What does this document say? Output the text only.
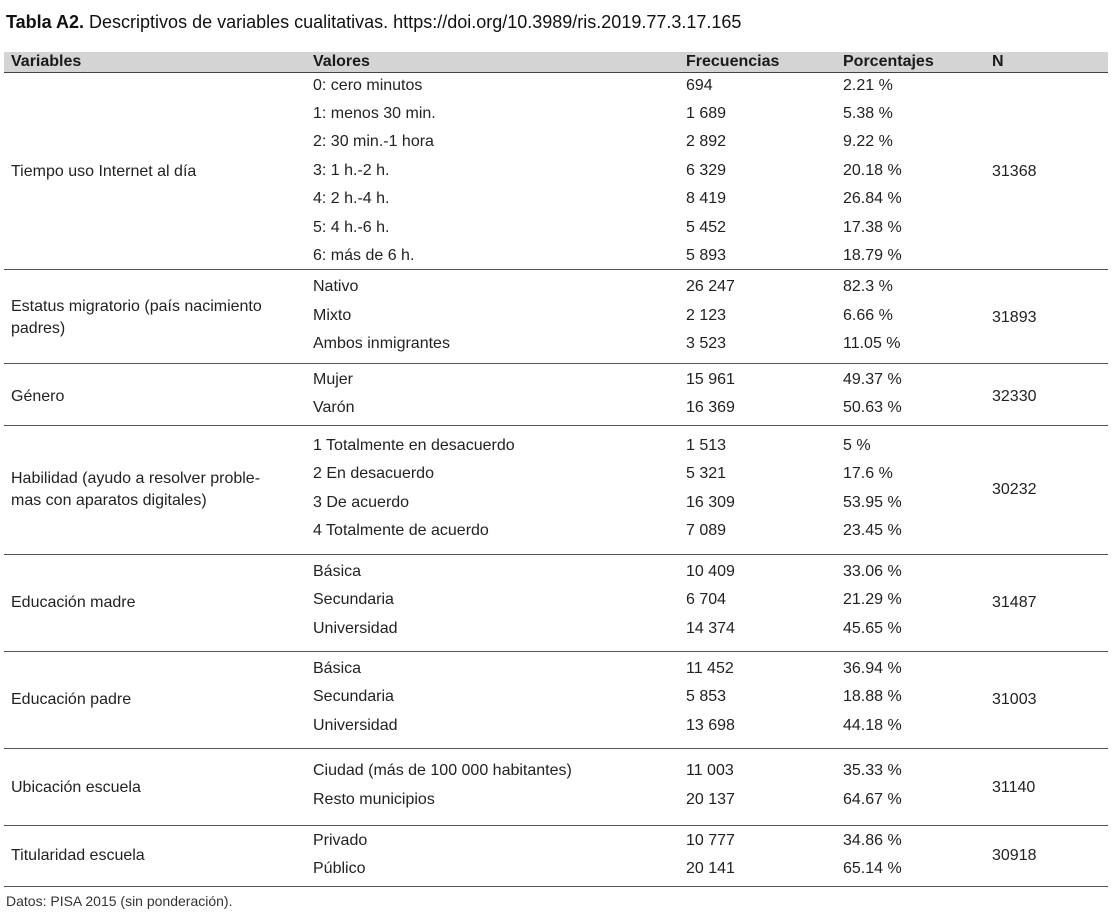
Tabla A2. Descriptivos de variables cualitativas. https://doi.org/10.3989/ris.2019.77.3.17.165
Variables	Valores	Frecuencias	Porcentajes	N
Tiempo uso Internet al día
0: cero minutos	694	2.21 %
1: menos 30 min.	1 689	5.38 %
2: 30 min.-1 hora	2 892	9.22 %
3: 1 h.-2 h.	6 329	20.18 %
4: 2 h.-4 h.	8 419	26.84 %
5: 4 h.-6 h.	5 452	17.38 %
6: más de 6 h.	5 893	18.79 %
31368
Estatus migratorio (país nacimiento
padres)
Nativo	26 247	82.3 %
Mixto	2 123	6.66 %
Ambos inmigrantes	3 523	11.05 %
31893
Género
Mujer	15 961	49.37 %
Varón	16 369	50.63 %
32330
Habilidad (ayudo a resolver proble-
mas con aparatos digitales)
1 Totalmente en desacuerdo	1 513	5 %
2 En desacuerdo	5 321	17.6 %
3 De acuerdo	16 309	53.95 %
4 Totalmente de acuerdo	7 089	23.45 %
30232
Educación madre
Básica	10 409	33.06 %
Secundaria	6 704	21.29 %
Universidad	14 374	45.65 %
31487
Educación padre
Básica	11 452	36.94 %
Secundaria	5 853	18.88 %
Universidad	13 698	44.18 %
31003
Ubicación escuela
Ciudad (más de 100 000 habitantes)	11 003	35.33 %
Resto municipios	20 137	64.67 %
31140
Titularidad escuela
Privado	10 777	34.86 %
Público	20 141	65.14 %
30918
Datos: PISA 2015 (sin ponderación).
